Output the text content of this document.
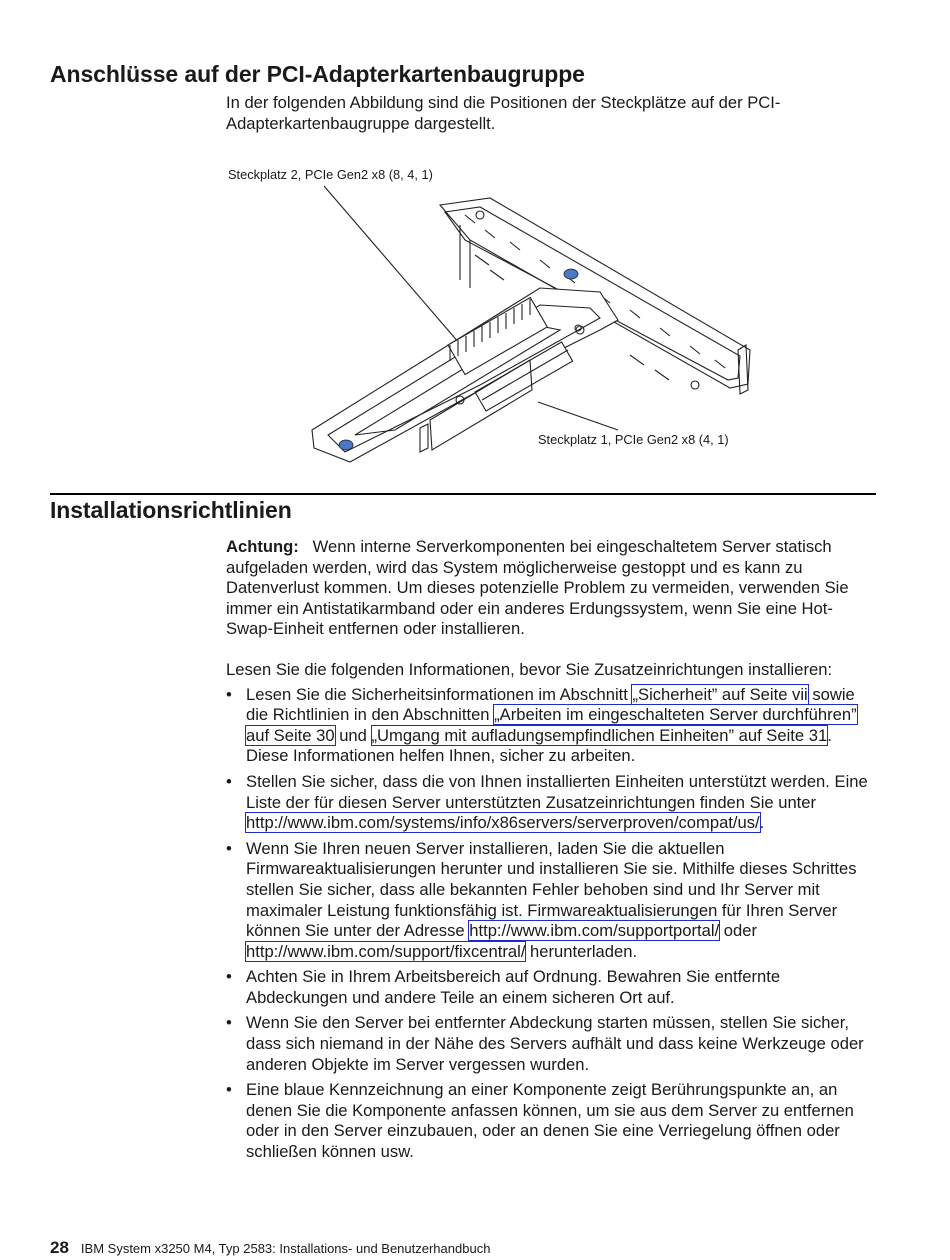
Anschlüsse auf der PCI-Adapterkartenbaugruppe

In der folgenden Abbildung sind die Positionen der Steckplätze auf der PCI-Adapterkartenbaugruppe dargestellt.

Steckplatz 2, PCIe Gen2 x8 (8, 4, 1)
Steckplatz 1, PCIe Gen2 x8 (4, 1)
Installationsrichtlinien

Achtung: Wenn interne Serverkomponenten bei eingeschaltetem Server statisch aufgeladen werden, wird das System möglicherweise gestoppt und es kann zu Datenverlust kommen. Um dieses potenzielle Problem zu vermeiden, verwenden Sie immer ein Antistatikarmband oder ein anderes Erdungssystem, wenn Sie eine Hot-Swap-Einheit entfernen oder installieren.

Lesen Sie die folgenden Informationen, bevor Sie Zusatzeinrichtungen installieren:

• Lesen Sie die Sicherheitsinformationen im Abschnitt „Sicherheit” auf Seite vii sowie die Richtlinien in den Abschnitten „Arbeiten im eingeschalteten Server durchführen” auf Seite 30 und „Umgang mit aufladungsempfindlichen Einheiten” auf Seite 31. Diese Informationen helfen Ihnen, sicher zu arbeiten.
• Stellen Sie sicher, dass die von Ihnen installierten Einheiten unterstützt werden. Eine Liste der für diesen Server unterstützten Zusatzeinrichtungen finden Sie unter http://www.ibm.com/systems/info/x86servers/serverproven/compat/us/.
• Wenn Sie Ihren neuen Server installieren, laden Sie die aktuellen Firmwareaktualisierungen herunter und installieren Sie sie. Mithilfe dieses Schrittes stellen Sie sicher, dass alle bekannten Fehler behoben sind und Ihr Server mit maximaler Leistung funktionsfähig ist. Firmwareaktualisierungen für Ihren Server können Sie unter der Adresse http://www.ibm.com/supportportal/ oder http://www.ibm.com/support/fixcentral/ herunterladen.
• Achten Sie in Ihrem Arbeitsbereich auf Ordnung. Bewahren Sie entfernte Abdeckungen und andere Teile an einem sicheren Ort auf.
• Wenn Sie den Server bei entfernter Abdeckung starten müssen, stellen Sie sicher, dass sich niemand in der Nähe des Servers aufhält und dass keine Werkzeuge oder anderen Objekte im Server vergessen wurden.
• Eine blaue Kennzeichnung an einer Komponente zeigt Berührungspunkte an, an denen Sie die Komponente anfassen können, um sie aus dem Server zu entfernen oder in den Server einzubauen, oder an denen Sie eine Verriegelung öffnen oder schließen können usw.
28 IBM System x3250 M4, Typ 2583: Installations- und Benutzerhandbuch
